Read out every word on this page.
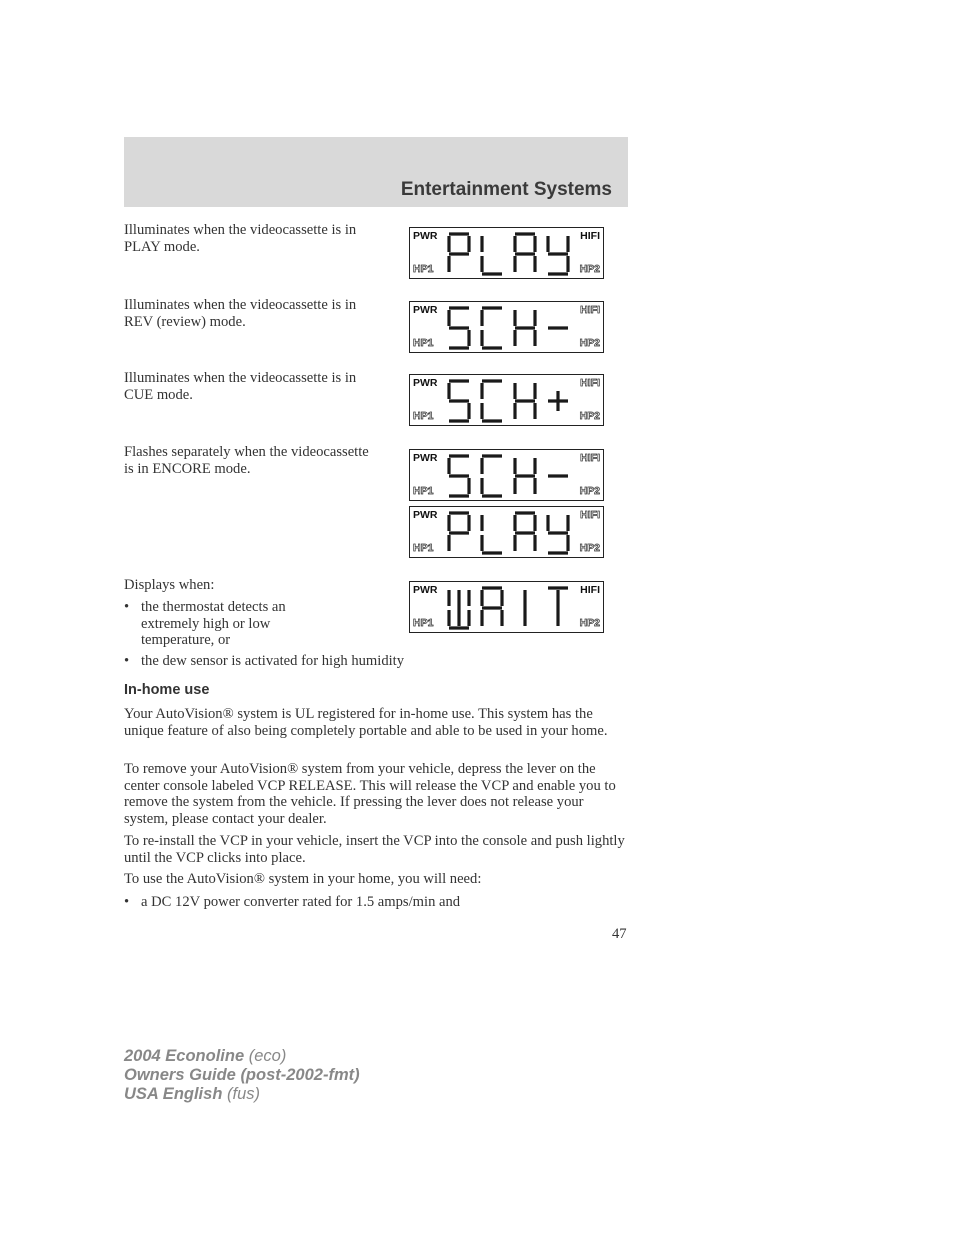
Entertainment Systems
Illuminates when the videocassette is in PLAY mode.
Illuminates when the videocassette is in REV (review) mode.
Illuminates when the videocassette is in CUE mode.
Flashes separately when the videocassette is in ENCORE mode.
PWR	HIFI
HP1	HP2
PWR	HIFI
HP1	HP2
PWR	HIFI
HP1	HP2
PWR	HIFI
HP1	HP2
PWR	HIFI
HP1	HP2
PWR	HIFI
HP1	HP2
Displays when:
• the thermostat detects an extremely high or low temperature, or
• the dew sensor is activated for high humidity
In-home use
Your AutoVision® system is UL registered for in-home use. This system has the unique feature of also being completely portable and able to be used in your home.
To remove your AutoVision® system from your vehicle, depress the lever on the center console labeled VCP RELEASE. This will release the VCP and enable you to remove the system from the vehicle. If pressing the lever does not release your system, please contact your dealer.
To re-install the VCP in your vehicle, insert the VCP into the console and push lightly until the VCP clicks into place.
To use the AutoVision® system in your home, you will need:
• a DC 12V power converter rated for 1.5 amps/min and
47
2004 Econoline (eco)
Owners Guide (post-2002-fmt)
USA English (fus)
